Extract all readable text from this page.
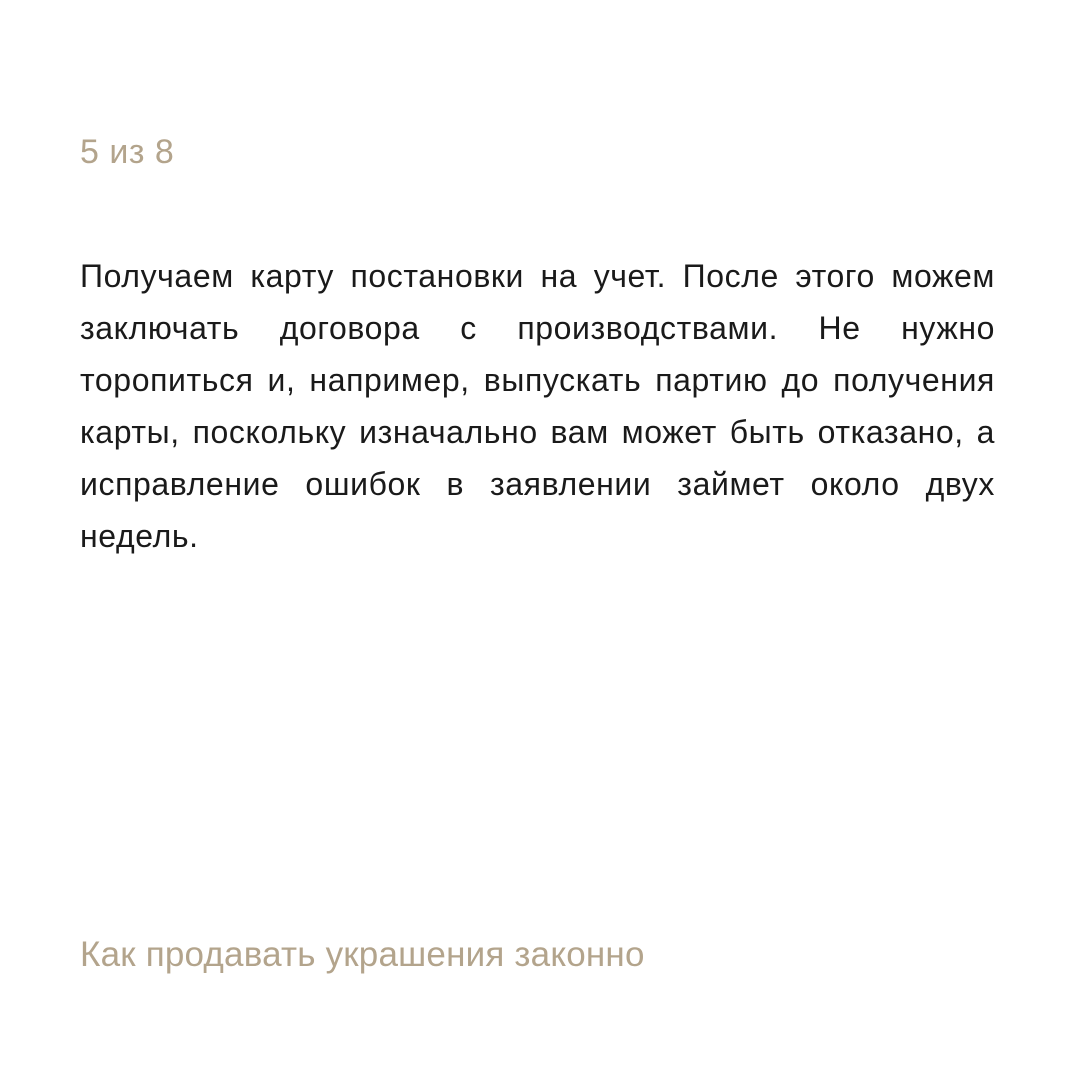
5 из 8

Получаем карту постановки на учет. После этого можем заключать договора с производствами. Не нужно торопиться и, например, выпускать партию до получения карты, поскольку изначально вам может быть отказано, а исправление ошибок в заявлении займет около двух недель.

Как продавать украшения законно
